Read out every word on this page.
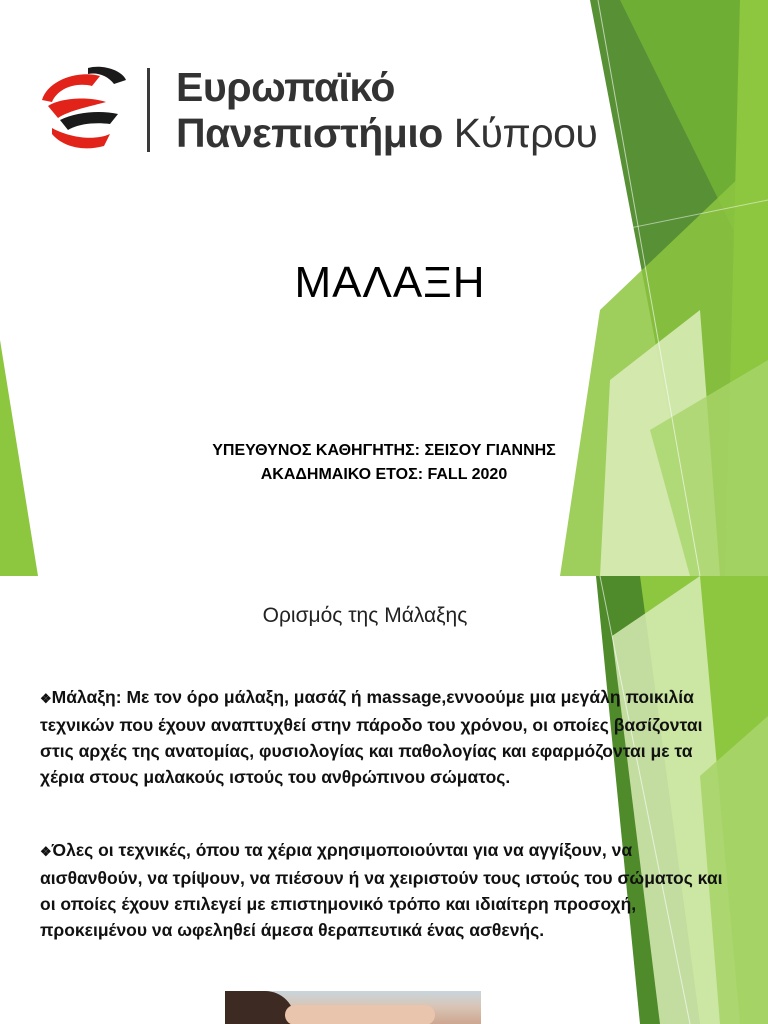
Ευρωπαϊκό
Πανεπιστήμιο Κύπρου
ΜΑΛΑΞΗ
ΥΠΕΥΘΥΝΟΣ ΚΑΘΗΓΗΤΗΣ: ΣΕΙΣΟΥ ΓΙΑΝΝΗΣ
ΑΚΑΔΗΜΑΙΚΟ ΕΤΟΣ: FALL 2020
Ορισμός της Μάλαξης
❖Μάλαξη: Με τον όρο μάλαξη, μασάζ ή massage,εννοούμε μια μεγάλη ποικιλία τεχνικών που έχουν αναπτυχθεί στην πάροδο του χρόνου, οι οποίες βασίζονται στις αρχές της ανατομίας, φυσιολογίας και παθολογίας και εφαρμόζονται με τα χέρια στους μαλακούς ιστούς του ανθρώπινου σώματος.
❖Όλες οι τεχνικές, όπου τα χέρια χρησιμοποιούνται για να αγγίξουν, να αισθανθούν, να τρίψουν, να πιέσουν ή να χειριστούν τους ιστούς του σώματος και οι οποίες έχουν επιλεγεί με επιστημονικό τρόπο και ιδιαίτερη προσοχή, προκειμένου να ωφεληθεί άμεσα θεραπευτικά ένας ασθενής.
